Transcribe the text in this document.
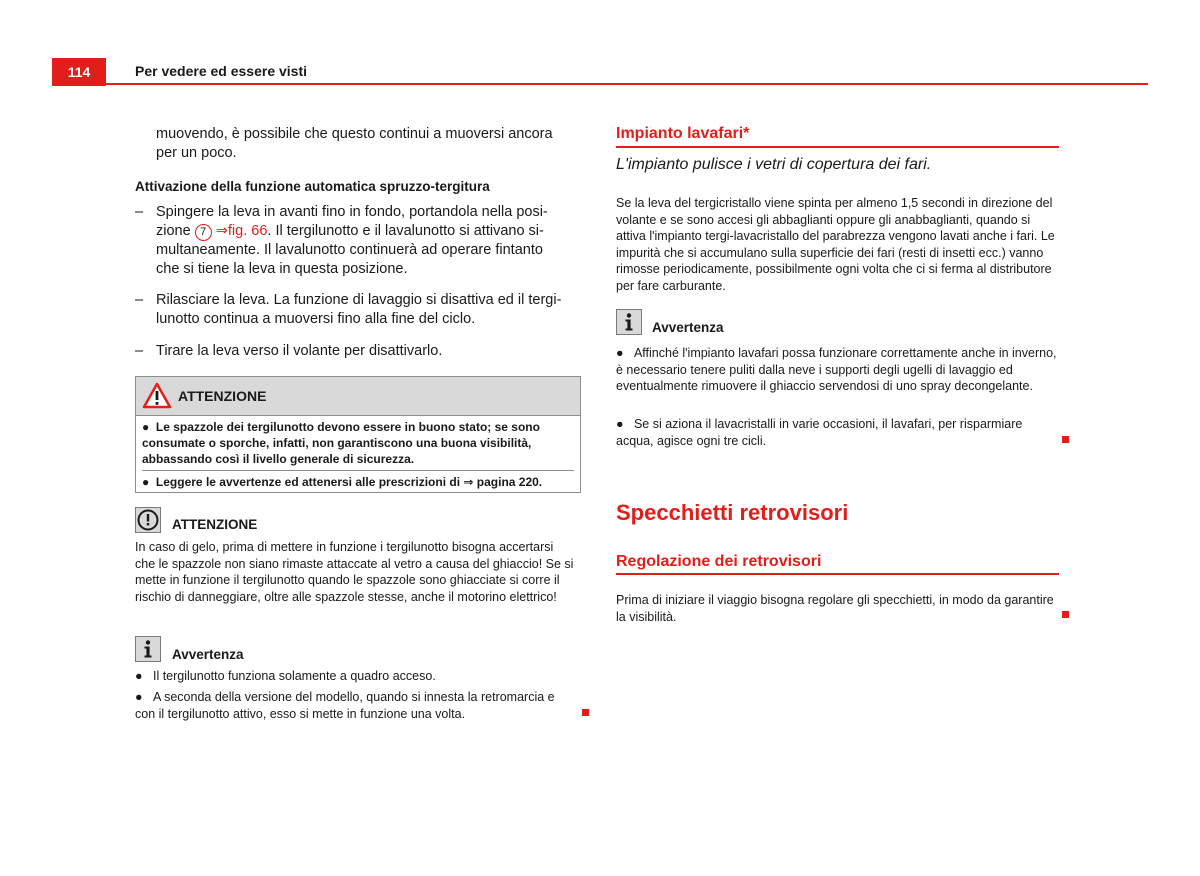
114	Per vedere ed essere visti
muovendo, è possibile che questo continui a muoversi ancora per un poco.
Attivazione della funzione automatica spruzzo-tergitura
– Spingere la leva in avanti fino in fondo, portandola nella posi-
zione 7 ⇒fig. 66. Il tergilunotto e il lavalunotto si attivano si-
multaneamente. Il lavalunotto continuerà ad operare fintanto
che si tiene la leva in questa posizione.
– Rilasciare la leva. La funzione di lavaggio si disattiva ed il tergi-lunotto continua a muoversi fino alla fine del ciclo.
– Tirare la leva verso il volante per disattivarlo.
ATTENZIONE
●  Le spazzole dei tergilunotto devono essere in buono stato; se sono consumate o sporche, infatti, non garantiscono una buona visibilità, abbassando così il livello generale di sicurezza.
●  Leggere le avvertenze ed attenersi alle prescrizioni di ⇒ pagina 220.
ATTENZIONE
In caso di gelo, prima di mettere in funzione i tergilunotto bisogna accertarsi che le spazzole non siano rimaste attaccate al vetro a causa del ghiaccio! Se si mette in funzione il tergilunotto quando le spazzole sono ghiacciate si corre il rischio di danneggiare, oltre alle spazzole stesse, anche il motorino elettrico!
Avvertenza
●   Il tergilunotto funziona solamente a quadro acceso.
●   A seconda della versione del modello, quando si innesta la retromarcia e con il tergilunotto attivo, esso si mette in funzione una volta.
Impianto lavafari*
L'impianto pulisce i vetri di copertura dei fari.
Se la leva del tergicristallo viene spinta per almeno 1,5 secondi in direzione del volante e se sono accesi gli abbaglianti oppure gli anabbaglianti, quando si attiva l'impianto tergi-lavacristallo del parabrezza vengono lavati anche i fari. Le impurità che si accumulano sulla superficie dei fari (resti di insetti ecc.) vanno rimosse periodicamente, possibilmente ogni volta che ci si ferma al distributore per fare carburante.
Avvertenza
●   Affinché l'impianto lavafari possa funzionare correttamente anche in inverno, è necessario tenere puliti dalla neve i supporti degli ugelli di lavaggio ed eventualmente rimuovere il ghiaccio servendosi di uno spray decongelante.
●   Se si aziona il lavacristalli in varie occasioni, il lavafari, per risparmiare acqua, agisce ogni tre cicli.
Specchietti retrovisori
Regolazione dei retrovisori
Prima di iniziare il viaggio bisogna regolare gli specchietti, in modo da garantire la visibilità.
